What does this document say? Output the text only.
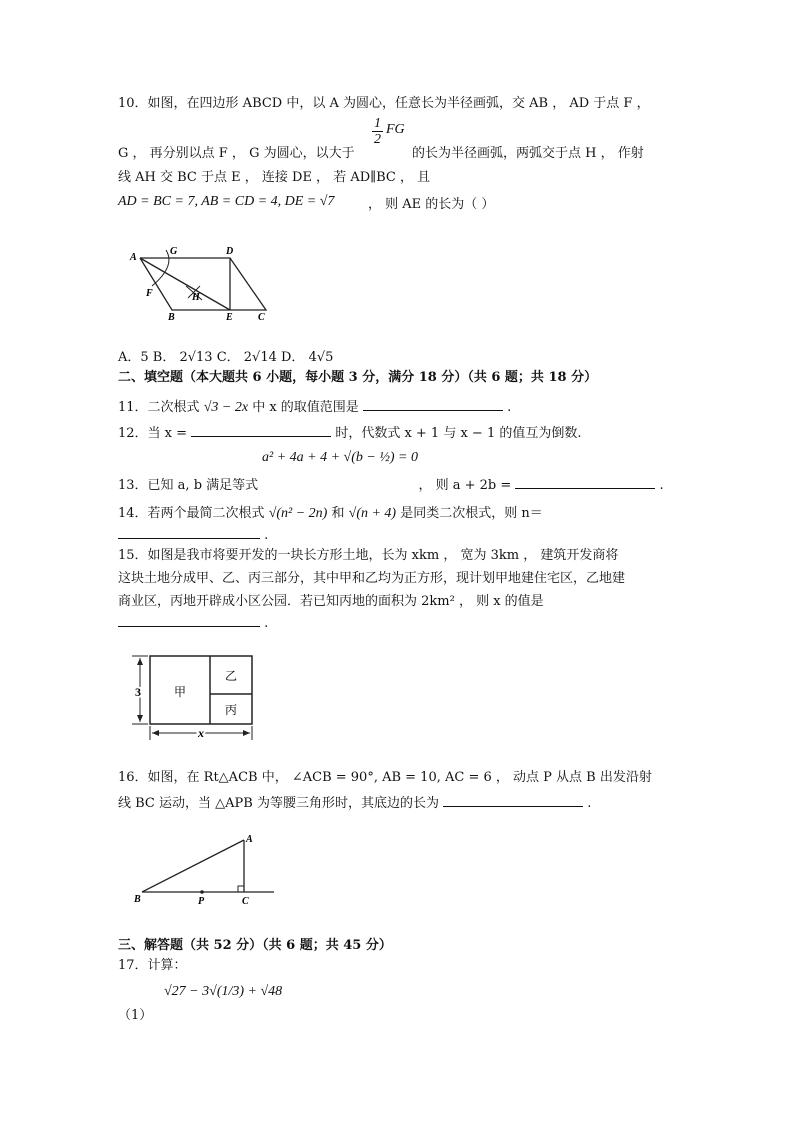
10．如图，在四边形 ABCD 中，以 A 为圆心，任意长为半径画弧，交 AB ， AD 于点 F ，
$\frac{1}{2}$ FG
G ， 再分别以点 F ， G 为圆心，以大于	的长为半径画弧，两弧交于点 H ， 作射
线 AH 交 BC 于点 E ， 连接 DE ， 若 AD∥BC ， 且
AD = BC = 7, AB = CD = 4, DE = √7	， 则 AE 的长为（ ）
A
G	D
F	H
B	E	C
A．5 B． 2√13 C． 2√14 D． 4√5
二、填空题（本大题共 6 小题，每小题 3 分，满分 18 分）（共 6 题；共 18 分）
11．二次根式 √3 − 2x 中 x 的取值范围是	.
12．当 x =	时，代数式 x + 1 与 x − 1 的值互为倒数.
a² + 4a + 4 + √(b − ½) = 0
13．已知 a, b 满足等式	， 则 a + 2b =	.
14．若两个最简二次根式 √(n² − 2n) 和 √(n + 4) 是同类二次根式，则 n＝
.
15．如图是我市将要开发的一块长方形土地，长为 xkm ， 宽为 3km ， 建筑开发商将
这块土地分成甲、乙、丙三部分，其中甲和乙均为正方形，现计划甲地建住宅区，乙地建
商业区，丙地开辟成小区公园．若已知丙地的面积为 2km² ， 则 x 的值是
.
3	甲
乙
丙
x
16．如图，在 Rt△ACB 中， ∠ACB = 90°, AB = 10, AC = 6 ， 动点 P 从点 B 出发沿射
线 BC 运动，当 △APB 为等腰三角形时，其底边的长为	.
A
B	P	C
三、解答题（共 52 分）（共 6 题；共 45 分）
17．计算：
√27 − 3√(1/3) + √48
（1）
